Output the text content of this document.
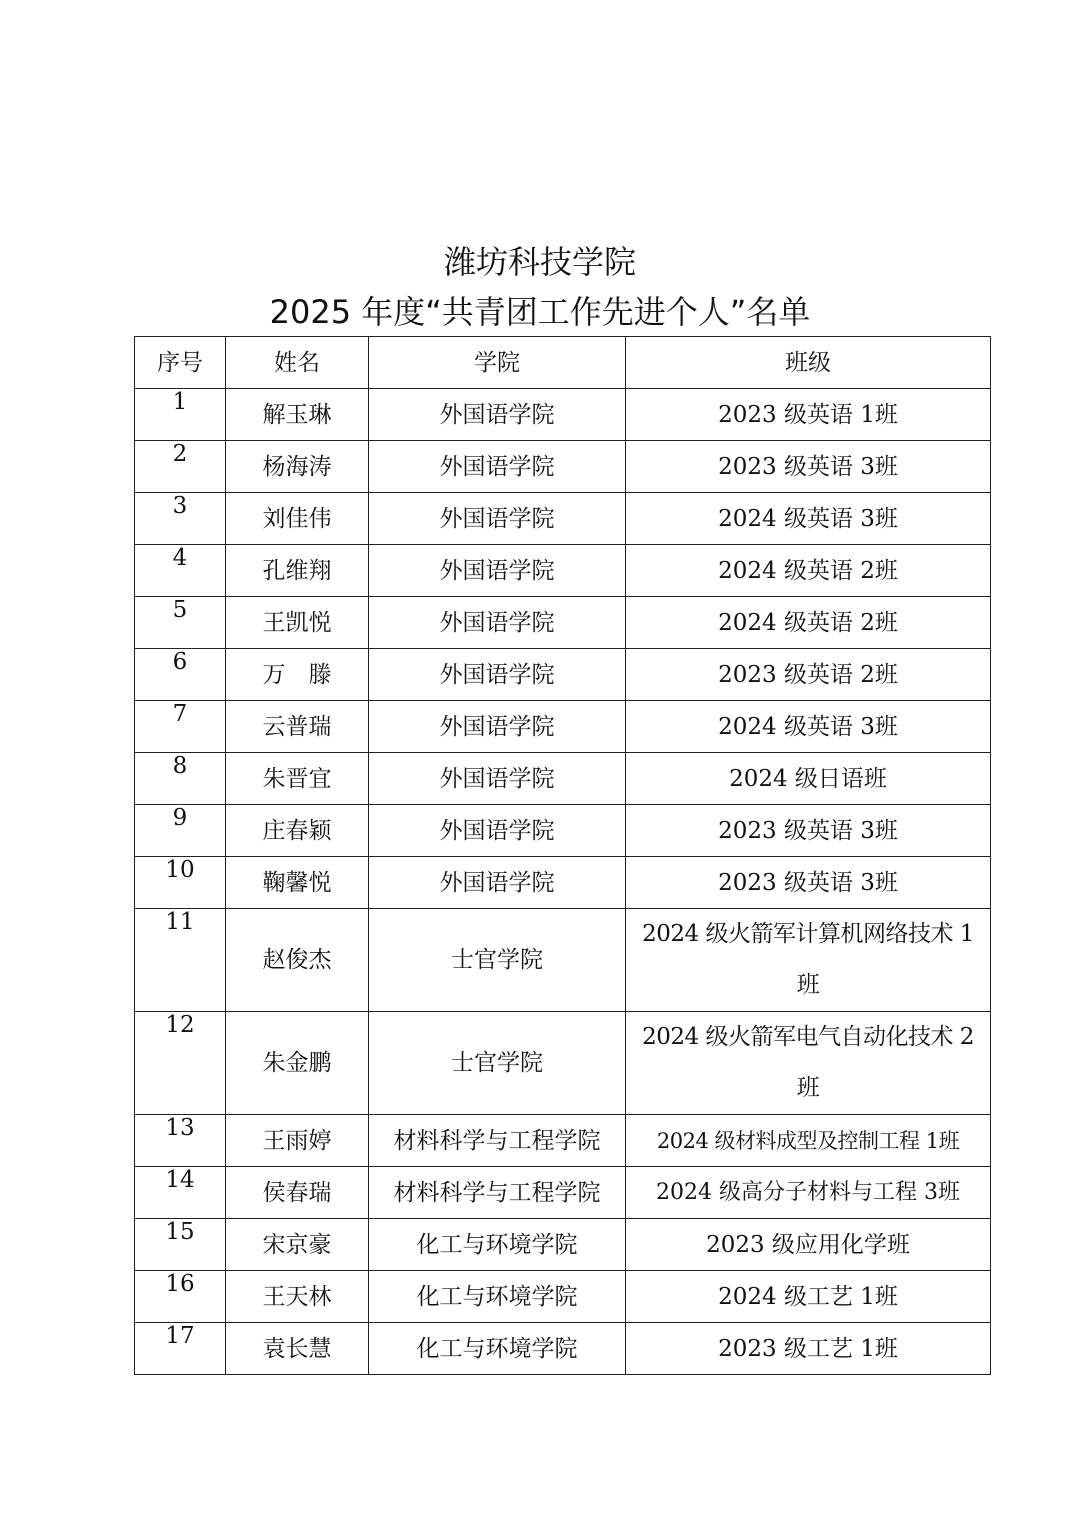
潍坊科技学院
2025 年度“共青团工作先进个人”名单
序号	姓名	学院	班级
1	解玉琳	外国语学院	2023 级英语 1班
2	杨海涛	外国语学院	2023 级英语 3班
3	刘佳伟	外国语学院	2024 级英语 3班
4	孔维翔	外国语学院	2024 级英语 2班
5	王凯悦	外国语学院	2024 级英语 2班
6	万　滕	外国语学院	2023 级英语 2班
7	云普瑞	外国语学院	2024 级英语 3班
8	朱晋宜	外国语学院	2024 级日语班
9	庄春颖	外国语学院	2023 级英语 3班
10	鞠馨悦	外国语学院	2023 级英语 3班
11	赵俊杰	士官学院	2024 级火箭军计算机网络技术 1班
12	朱金鹏	士官学院	2024 级火箭军电气自动化技术 2班
13	王雨婷	材料科学与工程学院	2024 级材料成型及控制工程 1班
14	侯春瑞	材料科学与工程学院	2024 级高分子材料与工程 3班
15	宋京豪	化工与环境学院	2023 级应用化学班
16	王天林	化工与环境学院	2024 级工艺 1班
17	袁长慧	化工与环境学院	2023 级工艺 1班
